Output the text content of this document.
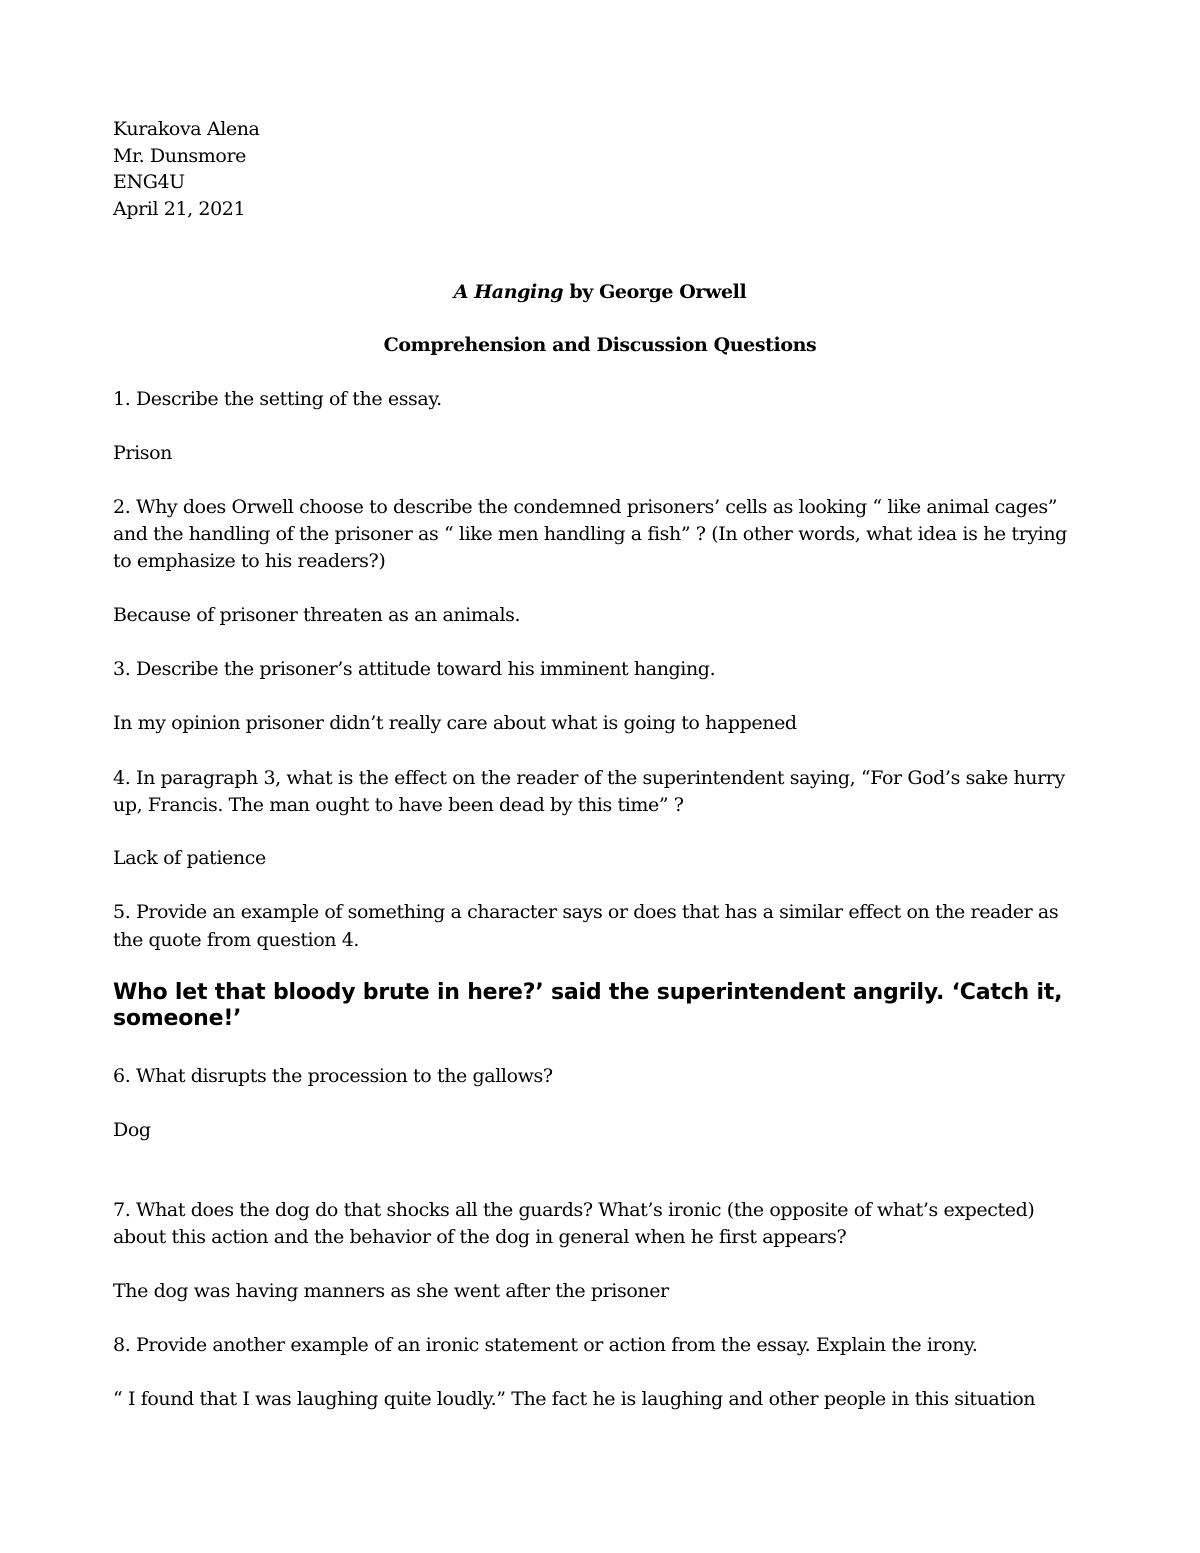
Kurakova Alena
Mr. Dunsmore
ENG4U
April 21, 2021
A Hanging by George Orwell
Comprehension and Discussion Questions
1. Describe the setting of the essay.
Prison
2. Why does Orwell choose to describe the condemned prisoners’ cells as looking “ like animal cages”
and the handling of the prisoner as “ like men handling a fish” ? (In other words, what idea is he trying
to emphasize to his readers?)
Because of prisoner threaten as an animals.
3. Describe the prisoner’s attitude toward his imminent hanging.
In my opinion prisoner didn’t really care about what is going to happened
4. In paragraph 3, what is the effect on the reader of the superintendent saying, “For God’s sake hurry
up, Francis. The man ought to have been dead by this time” ?
Lack of patience
5. Provide an example of something a character says or does that has a similar effect on the reader as
the quote from question 4.
Who let that bloody brute in here?’ said the superintendent angrily. ‘Catch it,
someone!’
6. What disrupts the procession to the gallows?
Dog
7. What does the dog do that shocks all the guards? What’s ironic (the opposite of what’s expected)
about this action and the behavior of the dog in general when he first appears?
The dog was having manners as she went after the prisoner
8. Provide another example of an ironic statement or action from the essay. Explain the irony.
“ I found that I was laughing quite loudly.” The fact he is laughing and other people in this situation
